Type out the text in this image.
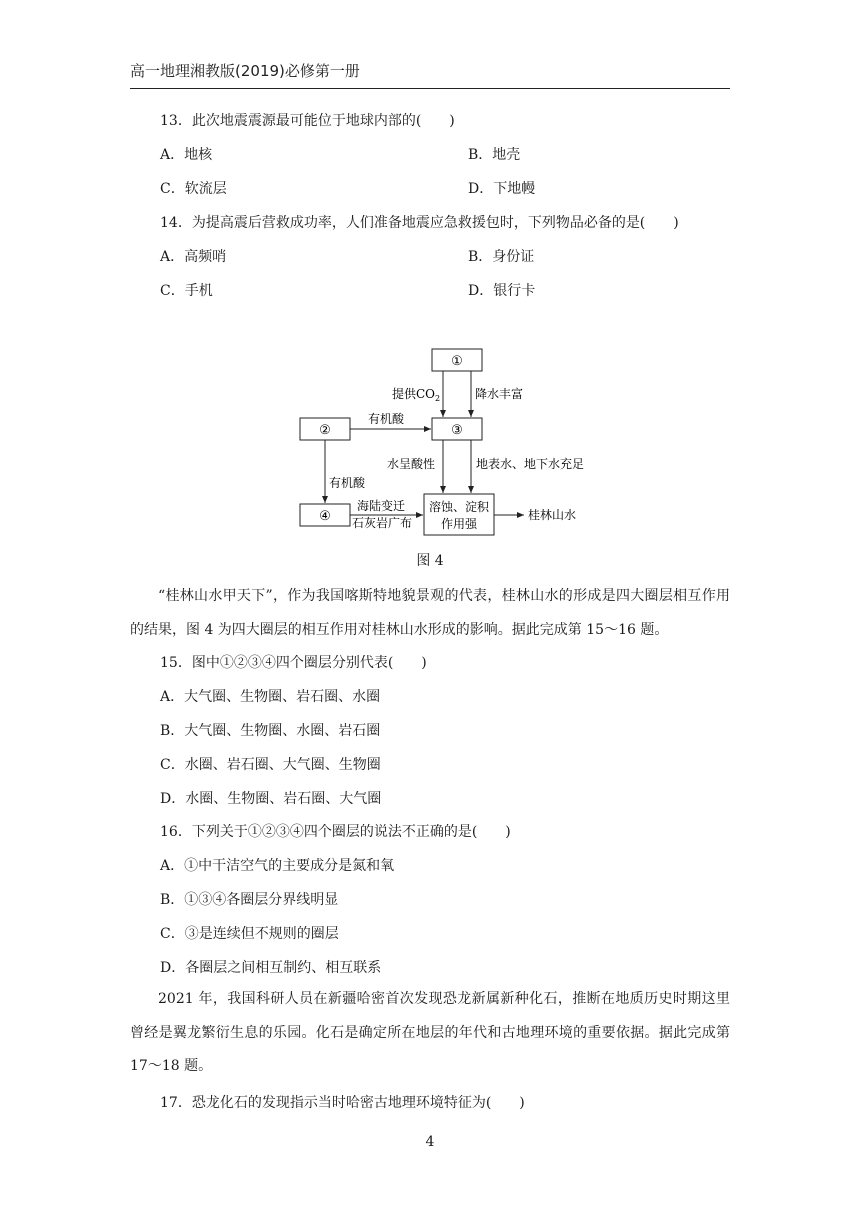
高一地理湘教版(2019)必修第一册
13．此次地震震源最可能位于地球内部的(　　)
A．地核	B．地壳
C．软流层	D．下地幔
14．为提高震后营救成功率，人们准备地震应急救援包时，下列物品必备的是(　　)
A．高频哨	B．身份证
C．手机	D．银行卡
①
②	③
④
溶蚀、淀积
作用强
提供$CO_2$	降水丰富
有机酸
有机酸
水呈酸性	地表水、地下水充足
海陆变迁
石灰岩广布
桂林山水
图 4
“桂林山水甲天下”，作为我国喀斯特地貌景观的代表，桂林山水的形成是四大圈层相互作用的结果，图 4 为四大圈层的相互作用对桂林山水形成的影响。据此完成第 15～16 题。
15．图中①②③④四个圈层分别代表(　　)
A．大气圈、生物圈、岩石圈、水圈
B．大气圈、生物圈、水圈、岩石圈
C．水圈、岩石圈、大气圈、生物圈
D．水圈、生物圈、岩石圈、大气圈
16．下列关于①②③④四个圈层的说法不正确的是(　　)
A．①中干洁空气的主要成分是氮和氧
B．①③④各圈层分界线明显
C．③是连续但不规则的圈层
D．各圈层之间相互制约、相互联系
2021 年，我国科研人员在新疆哈密首次发现恐龙新属新种化石，推断在地质历史时期这里曾经是翼龙繁衍生息的乐园。化石是确定所在地层的年代和古地理环境的重要依据。据此完成第 17～18 题。
17．恐龙化石的发现指示当时哈密古地理环境特征为(　　)
4
